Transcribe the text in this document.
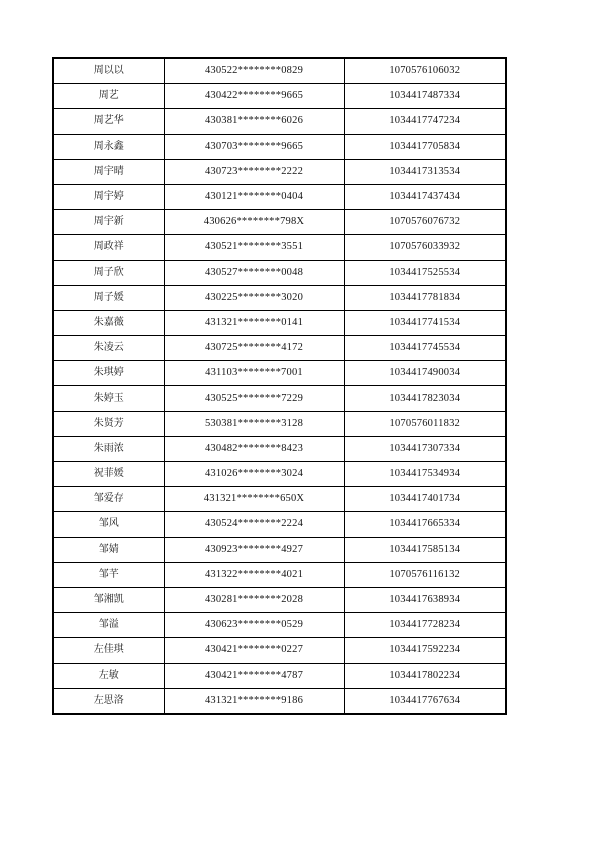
周以以	430522********0829	1070576106032
周艺	430422********9665	1034417487334
周艺华	430381********6026	1034417747234
周永鑫	430703********9665	1034417705834
周宇晴	430723********2222	1034417313534
周宇婷	430121********0404	1034417437434
周宇新	430626********798X	1070576076732
周政祥	430521********3551	1070576033932
周子欣	430527********0048	1034417525534
周子媛	430225********3020	1034417781834
朱嘉薇	431321********0141	1034417741534
朱凌云	430725********4172	1034417745534
朱琪婷	431103********7001	1034417490034
朱婷玉	430525********7229	1034417823034
朱贤芳	530381********3128	1070576011832
朱雨浓	430482********8423	1034417307334
祝菲媛	431026********3024	1034417534934
邹爱存	431321********650X	1034417401734
邹风	430524********2224	1034417665334
邹婧	430923********4927	1034417585134
邹芊	431322********4021	1070576116132
邹湘凯	430281********2028	1034417638934
邹溢	430623********0529	1034417728234
左佳琪	430421********0227	1034417592234
左敏	430421********4787	1034417802234
左思洛	431321********9186	1034417767634
